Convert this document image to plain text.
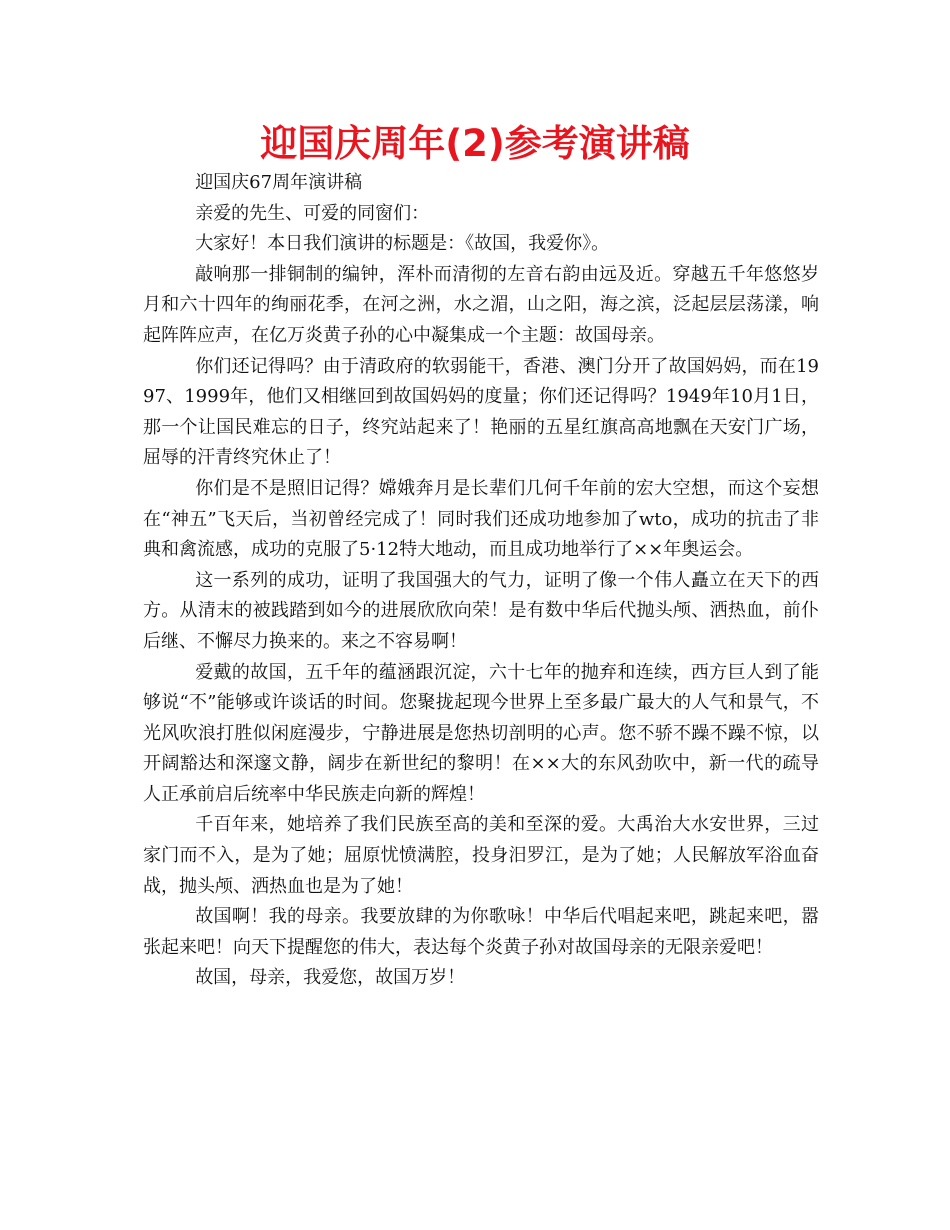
迎国庆周年(2)参考演讲稿

迎国庆67周年演讲稿

亲爱的先生、可爱的同窗们：

大家好！本日我们演讲的标题是：《故国，我爱你》。

敲响那一排铜制的编钟，浑朴而清彻的左音右韵由远及近。穿越五千年悠悠岁月和六十四年的绚丽花季，在河之洲，水之湄，山之阳，海之滨，泛起层层荡漾，响起阵阵应声，在亿万炎黄子孙的心中凝集成一个主题：故国母亲。

你们还记得吗？由于清政府的软弱能干，香港、澳门分开了故国妈妈，而在1997、1999年，他们又相继回到故国妈妈的度量；你们还记得吗？1949年10月1日，那一个让国民难忘的日子，终究站起来了！艳丽的五星红旗高高地飘在天安门广场，屈辱的汗青终究休止了！

你们是不是照旧记得？嫦娥奔月是长辈们几何千年前的宏大空想，而这个妄想在“神五”飞天后，当初曾经完成了！同时我们还成功地参加了wto，成功的抗击了非典和禽流感，成功的克服了5·12特大地动，而且成功地举行了××年奥运会。

这一系列的成功，证明了我国强大的气力，证明了像一个伟人矗立在天下的西方。从清末的被践踏到如今的进展欣欣向荣！是有数中华后代抛头颅、洒热血，前仆后继、不懈尽力换来的。来之不容易啊！

爱戴的故国，五千年的蕴涵跟沉淀，六十七年的抛弃和连续，西方巨人到了能够说“不”能够或许谈话的时间。您聚拢起现今世界上至多最广最大的人气和景气，不光风吹浪打胜似闲庭漫步，宁静进展是您热切剖明的心声。您不骄不躁不躁不惊，以开阔豁达和深邃文静，阔步在新世纪的黎明！在××大的东风劲吹中，新一代的疏导人正承前启后统率中华民族走向新的辉煌！

千百年来，她培养了我们民族至高的美和至深的爱。大禹治大水安世界，三过家门而不入，是为了她；屈原忧愤满腔，投身汨罗江，是为了她；人民解放军浴血奋战，抛头颅、洒热血也是为了她！

故国啊！我的母亲。我要放肆的为你歌咏！中华后代唱起来吧，跳起来吧，嚣张起来吧！向天下提醒您的伟大，表达每个炎黄子孙对故国母亲的无限亲爱吧！

故国，母亲，我爱您，故国万岁！
